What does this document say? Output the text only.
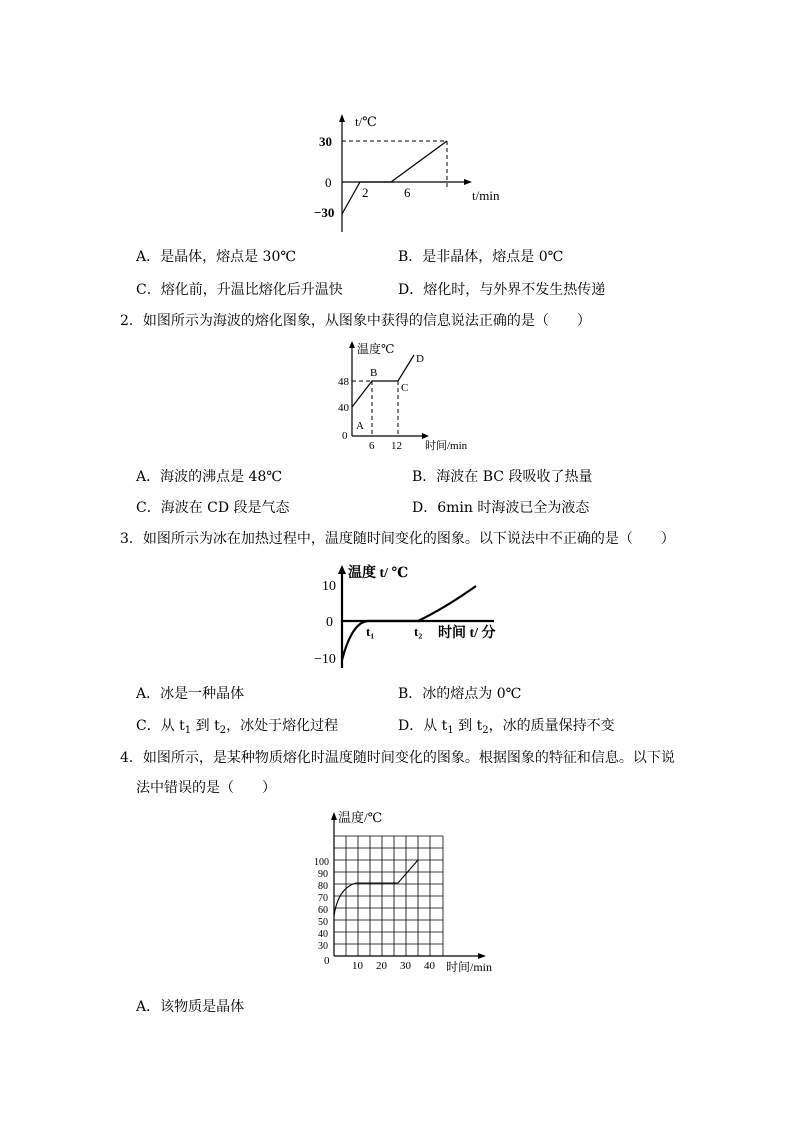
t/℃
30
0
−30
2	6	t/min
A．是晶体，熔点是 30℃	B．是非晶体，熔点是 0℃
C．熔化前，升温比熔化后升温快	D．熔化时，与外界不发生热传递
2．如图所示为海波的熔化图象，从图象中获得的信息说法正确的是（　　）
温度℃
48
40
0
6 12 时间/min
A
B
C
D
A．海波的沸点是 48℃	B．海波在 BC 段吸收了热量
C．海波在 CD 段是气态	D．6min 时海波已全为液态
3．如图所示为冰在加热过程中，温度随时间变化的图象。以下说法中不正确的是（　　）
温度 t/ ℃
10
0
−10
t₁	t₂ 时间 t/ 分
A．冰是一种晶体	B．冰的熔点为 0℃
C．从 $t_1$ 到 $t_2$，冰处于熔化过程	D．从 $t_1$ 到 $t_2$，冰的质量保持不变
4．如图所示，是某种物质熔化时温度随时间变化的图象。根据图象的特征和信息。以下说
法中错误的是（　　）
温度/℃
100
90
80
70
60
50
40
30
0 10 20 30 40 时间/min
A．该物质是晶体
